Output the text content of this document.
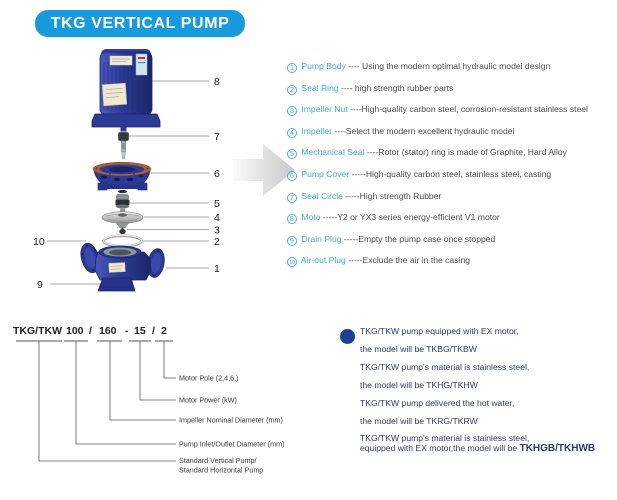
TKG VERTICAL PUMP
8
7
6
5
4
3
2
10
1
9
1 Pump Body ---- Using the modern optimal hydraulic model design
2 Seal Ring ---- high strength rubber parts
3 Impeller Nut ----High-quality carbon steel, corrosion-resistant stainless steel
4 Impeller ----Select the modern excellent hydraulic model
5 Mechanical Seal ----Rotor (stator) ring is made of Graphite, Hard Alloy
6 Pump Cover -----High-quality carbon steel, stainless steel, casting
7 Seal Circle -----High strength Rubber
8 Moto -----Y2 or YX3 series energy-efficient V1 motor
9 Drain Plug -----Empty the pump case once stopped
10 Air-out Plug -----Exclude the air in the casing
TKG/TKW 100 / 160 - 15 / 2
Motor Pole (2,4,6,)
Motor Power (kW)
Impeller Nominal Diameter (mm)
Pump Inlet/Outlet Diameter (mm)
Standard Vertical Pump/
Standard Horizontal Pump

TKG/TKW pump equipped with EX motor,

the model will be TKBG/TKBW

TKG/TKW pump's material is stainless steel,

the model will be TKHG/TKHW

TKG/TKW pump delivered the hot water,

the model will be TKRG/TKRW

TKG/TKW pump's material is stainless steel,

equipped with EX motor,the model will be TKHGB/TKHWB
